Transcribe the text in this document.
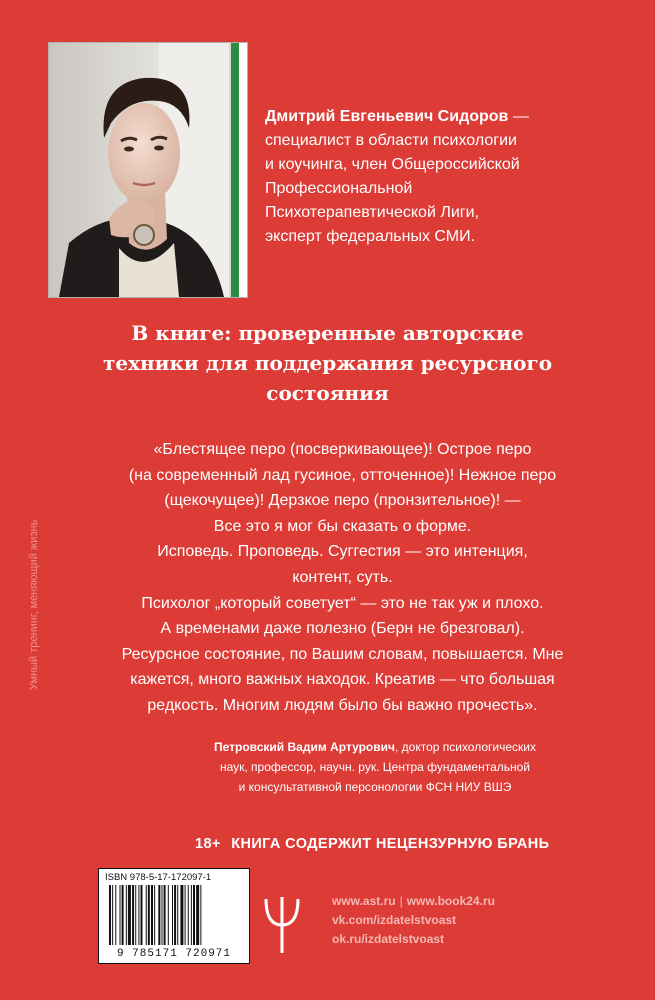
Дмитрий Евгеньевич Сидоров —
специалист в области психологии
и коучинга, член Общероссийской
Профессиональной
Психотерапевтической Лиги,
эксперт федеральных СМИ.
В книге: проверенные авторские
техники для поддержания ресурсного
состояния
Умный тренинг, меняющий жизнь

«Блестящее перо (посверкивающее)! Острое перо

(на современный лад гусиное, отточенное)! Нежное перо

(щекочущее)! Дерзкое перо (пронзительное)! —

Все это я мог бы сказать о форме.

Исповедь. Проповедь. Суггестия — это интенция,

контент, суть.

Психолог „который советует“ — это не так уж и плохо.

А временами даже полезно (Берн не брезговал).

Ресурсное состояние, по Вашим словам, повышается. Мне

кажется, много важных находок. Креатив — что большая

редкость. Многим людям было бы важно прочесть».

Петровский Вадим Артурович, доктор психологических
наук, профессор, научн. рук. Центра фундаментальной
и консультативной персонологии ФСН НИУ ВШЭ
18+ КНИГА СОДЕРЖИТ НЕЦЕНЗУРНУЮ БРАНЬ
ISBN 978-5-17-172097-1
9 785171 720971
www.ast.ru | www.book24.ru
vk.com/izdatelstvoast
ok.ru/izdatelstvoast
